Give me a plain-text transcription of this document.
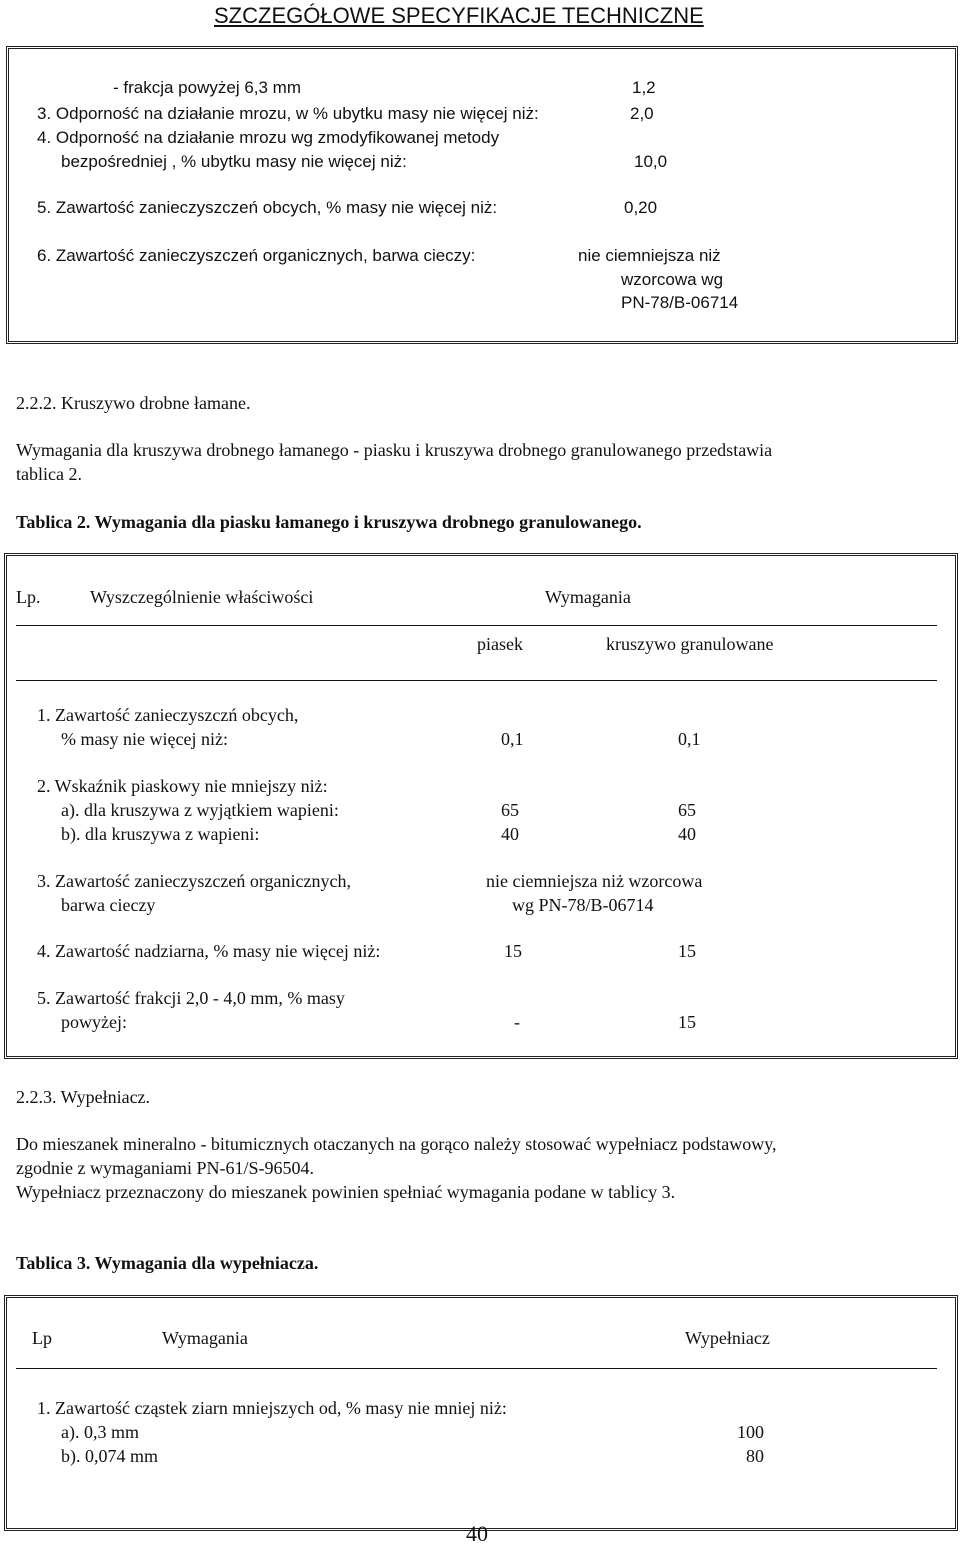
SZCZEGÓŁOWE SPECYFIKACJE TECHNICZNE
- frakcja powyżej 6,3 mm	1,2
3. Odporność na działanie mrozu, w % ubytku masy nie więcej niż:	2,0
4. Odporność na działanie mrozu wg zmodyfikowanej metody
bezpośredniej , % ubytku masy nie więcej niż:	10,0
5. Zawartość zanieczyszczeń obcych, % masy nie więcej niż:	0,20
6. Zawartość zanieczyszczeń organicznych, barwa cieczy:	nie ciemniejsza niż
wzorcowa wg
PN-78/B-06714
2.2.2. Kruszywo drobne łamane.
Wymagania dla kruszywa drobnego łamanego - piasku i kruszywa drobnego granulowanego przedstawia
tablica 2.
Tablica 2. Wymagania dla piasku łamanego i kruszywa drobnego granulowanego.
Lp.	Wyszczególnienie właściwości	Wymagania
piasek	kruszywo granulowane
1. Zawartość zanieczyszczń obcych,
% masy nie więcej niż:	0,1	0,1
2. Wskaźnik piaskowy nie mniejszy niż:
a). dla kruszywa z wyjątkiem wapieni:	65	65
b). dla kruszywa z wapieni:	40	40
3. Zawartość zanieczyszczeń organicznych,	nie ciemniejsza niż wzorcowa
barwa cieczy	wg PN-78/B-06714
4. Zawartość nadziarna, % masy nie więcej niż:	15	15
5. Zawartość frakcji 2,0 - 4,0 mm, % masy
powyżej:	-	15
2.2.3. Wypełniacz.
Do mieszanek mineralno - bitumicznych otaczanych na gorąco należy stosować wypełniacz podstawowy,
zgodnie z wymaganiami PN-61/S-96504.
Wypełniacz przeznaczony do mieszanek powinien spełniać wymagania podane w tablicy 3.
Tablica 3. Wymagania dla wypełniacza.
Lp	Wymagania	Wypełniacz
1. Zawartość cząstek ziarn mniejszych od, % masy nie mniej niż:
a). 0,3 mm	100
b). 0,074 mm	80
40
